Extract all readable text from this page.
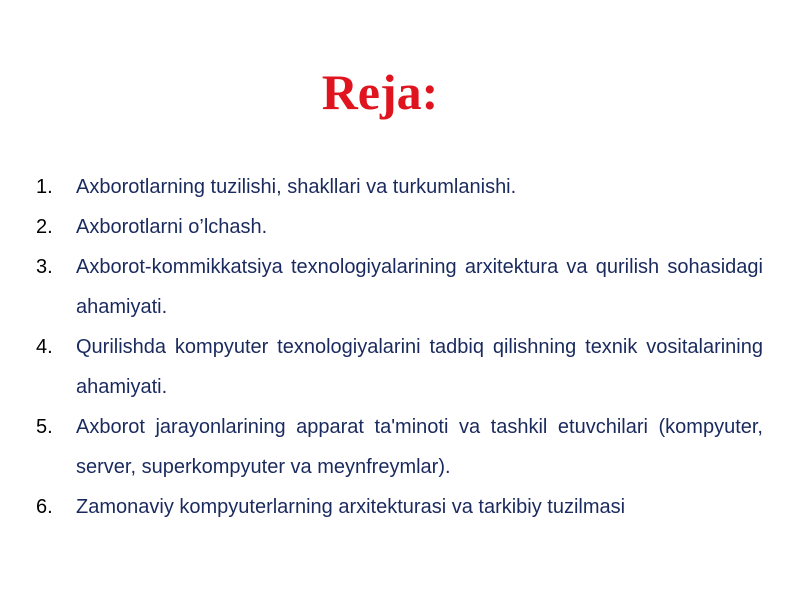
Reja:
1. Axborotlarning tuzilishi, shakllari va turkumlanishi.
2. Axborotlarni o’lchash.
3. Axborot-kommikkatsiya texnologiyalarining arxitektura va qurilish sohasidagi ahamiyati.
4. Qurilishda kompyuter texnologiyalarini tadbiq qilishning texnik vositalarining ahamiyati.
5. Axborot jarayonlarining apparat ta'minoti va tashkil etuvchilari (kompyuter, server, superkompyuter va meynfreymlar).
6. Zamonaviy kompyuterlarning arxitekturasi va tarkibiy tuzilmasi
